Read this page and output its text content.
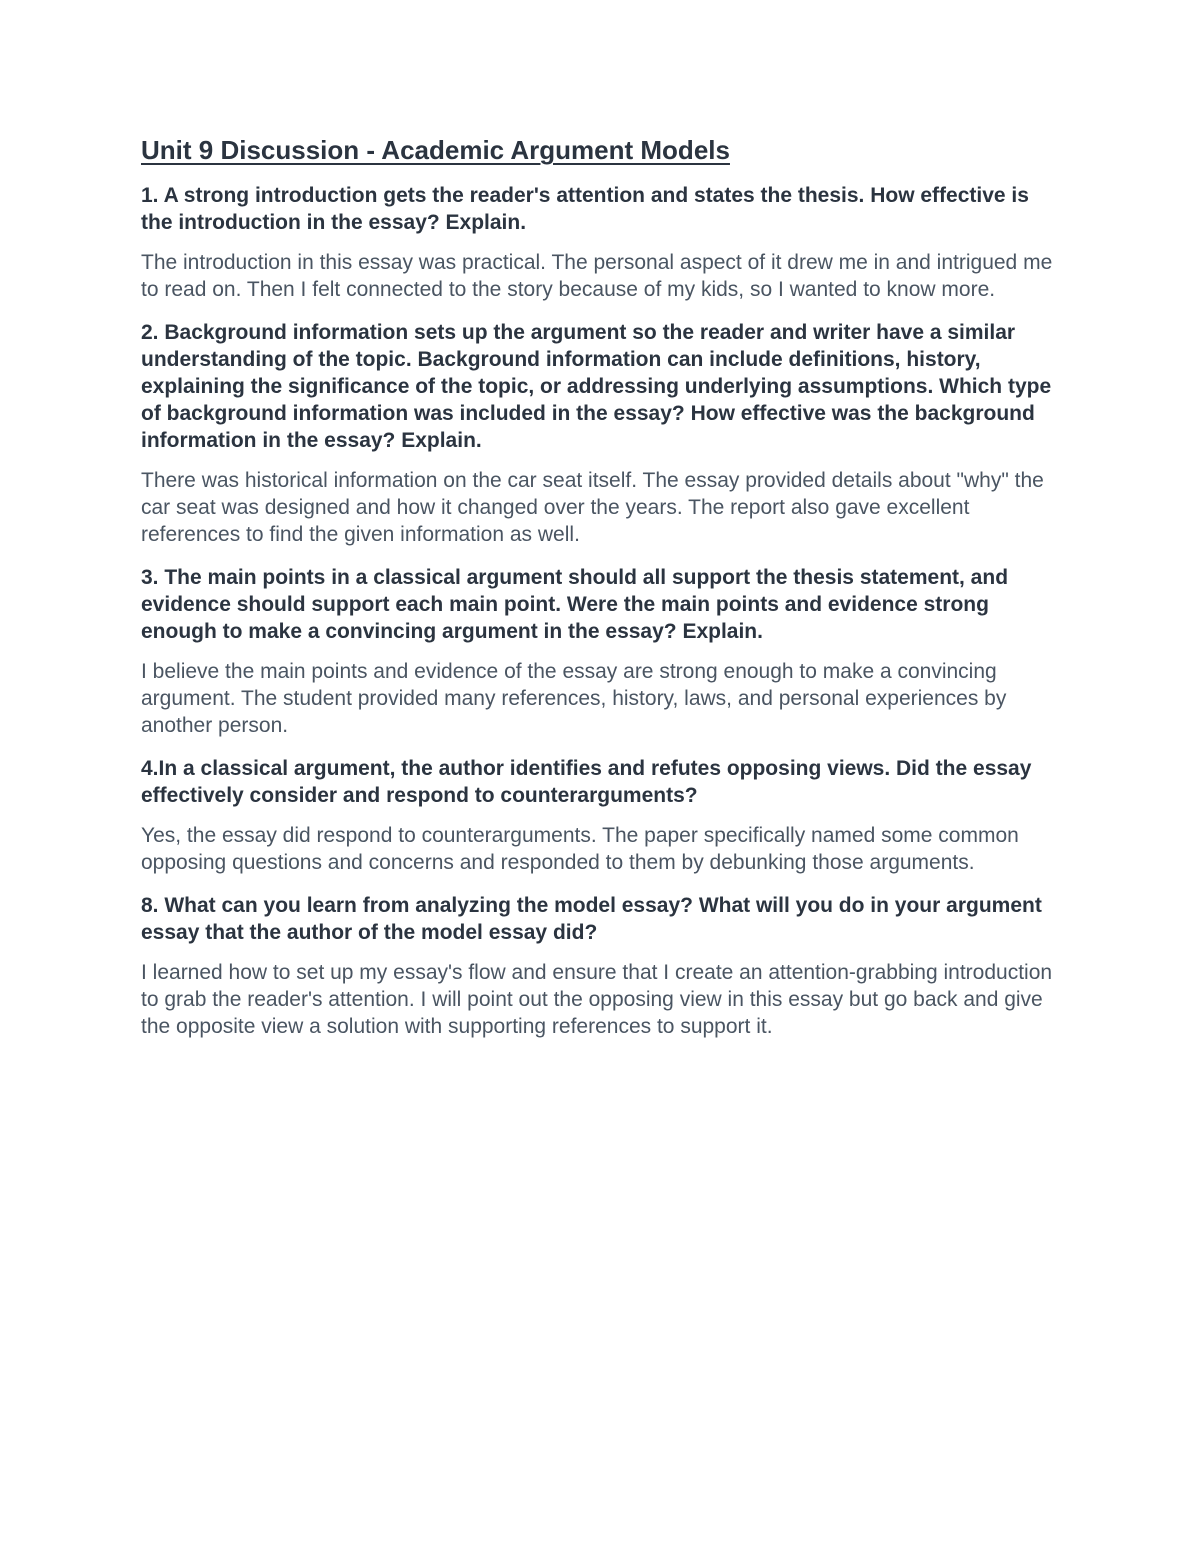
Unit 9 Discussion - Academic Argument Models

1. A strong introduction gets the reader's attention and states the thesis. How effective is the introduction in the essay? Explain.

The introduction in this essay was practical. The personal aspect of it drew me in and intrigued me to read on. Then I felt connected to the story because of my kids, so I wanted to know more.

2. Background information sets up the argument so the reader and writer have a similar understanding of the topic. Background information can include definitions, history, explaining the significance of the topic, or addressing underlying assumptions. Which type of background information was included in the essay? How effective was the background information in the essay? Explain.

There was historical information on the car seat itself. The essay provided details about "why" the car seat was designed and how it changed over the years. The report also gave excellent references to find the given information as well.

3. The main points in a classical argument should all support the thesis statement, and evidence should support each main point. Were the main points and evidence strong enough to make a convincing argument in the essay? Explain.

I believe the main points and evidence of the essay are strong enough to make a convincing argument. The student provided many references, history, laws, and personal experiences by another person.

4.In a classical argument, the author identifies and refutes opposing views. Did the essay effectively consider and respond to counterarguments?

Yes, the essay did respond to counterarguments. The paper specifically named some common opposing questions and concerns and responded to them by debunking those arguments.

8. What can you learn from analyzing the model essay? What will you do in your argument essay that the author of the model essay did?

I learned how to set up my essay's flow and ensure that I create an attention-grabbing introduction to grab the reader's attention. I will point out the opposing view in this essay but go back and give the opposite view a solution with supporting references to support it.
